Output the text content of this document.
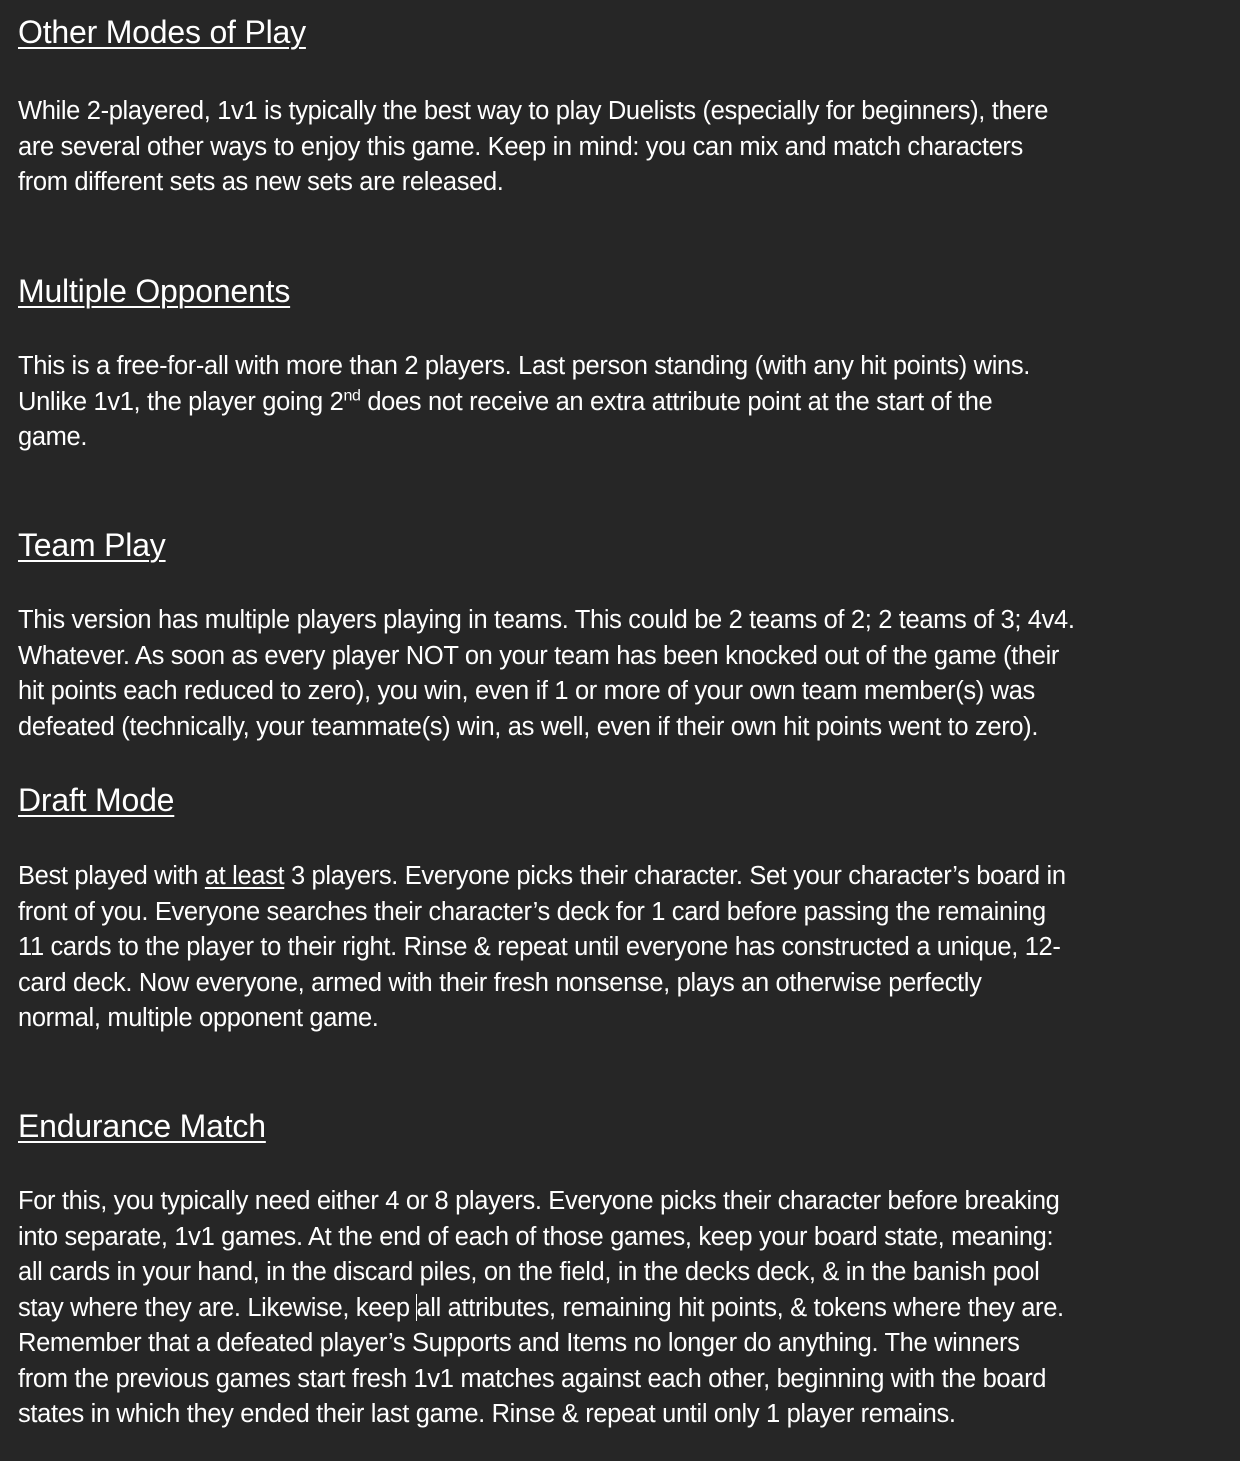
Other Modes of Play

While 2-playered, 1v1 is typically the best way to play Duelists (especially for beginners), there
are several other ways to enjoy this game. Keep in mind: you can mix and match characters
from different sets as new sets are released.

Multiple Opponents

This is a free-for-all with more than 2 players. Last person standing (with any hit points) wins.
Unlike 1v1, the player going 2nd does not receive an extra attribute point at the start of the
game.

Team Play

This version has multiple players playing in teams. This could be 2 teams of 2; 2 teams of 3; 4v4.
Whatever. As soon as every player NOT on your team has been knocked out of the game (their
hit points each reduced to zero), you win, even if 1 or more of your own team member(s) was
defeated (technically, your teammate(s) win, as well, even if their own hit points went to zero).

Draft Mode

Best played with at least 3 players. Everyone picks their character. Set your character’s board in
front of you. Everyone searches their character’s deck for 1 card before passing the remaining
11 cards to the player to their right. Rinse & repeat until everyone has constructed a unique, 12-
card deck. Now everyone, armed with their fresh nonsense, plays an otherwise perfectly
normal, multiple opponent game.

Endurance Match

For this, you typically need either 4 or 8 players. Everyone picks their character before breaking
into separate, 1v1 games. At the end of each of those games, keep your board state, meaning:
all cards in your hand, in the discard piles, on the field, in the decks deck, & in the banish pool
stay where they are. Likewise, keep all attributes, remaining hit points, & tokens where they are.
Remember that a defeated player’s Supports and Items no longer do anything. The winners
from the previous games start fresh 1v1 matches against each other, beginning with the board
states in which they ended their last game. Rinse & repeat until only 1 player remains.
